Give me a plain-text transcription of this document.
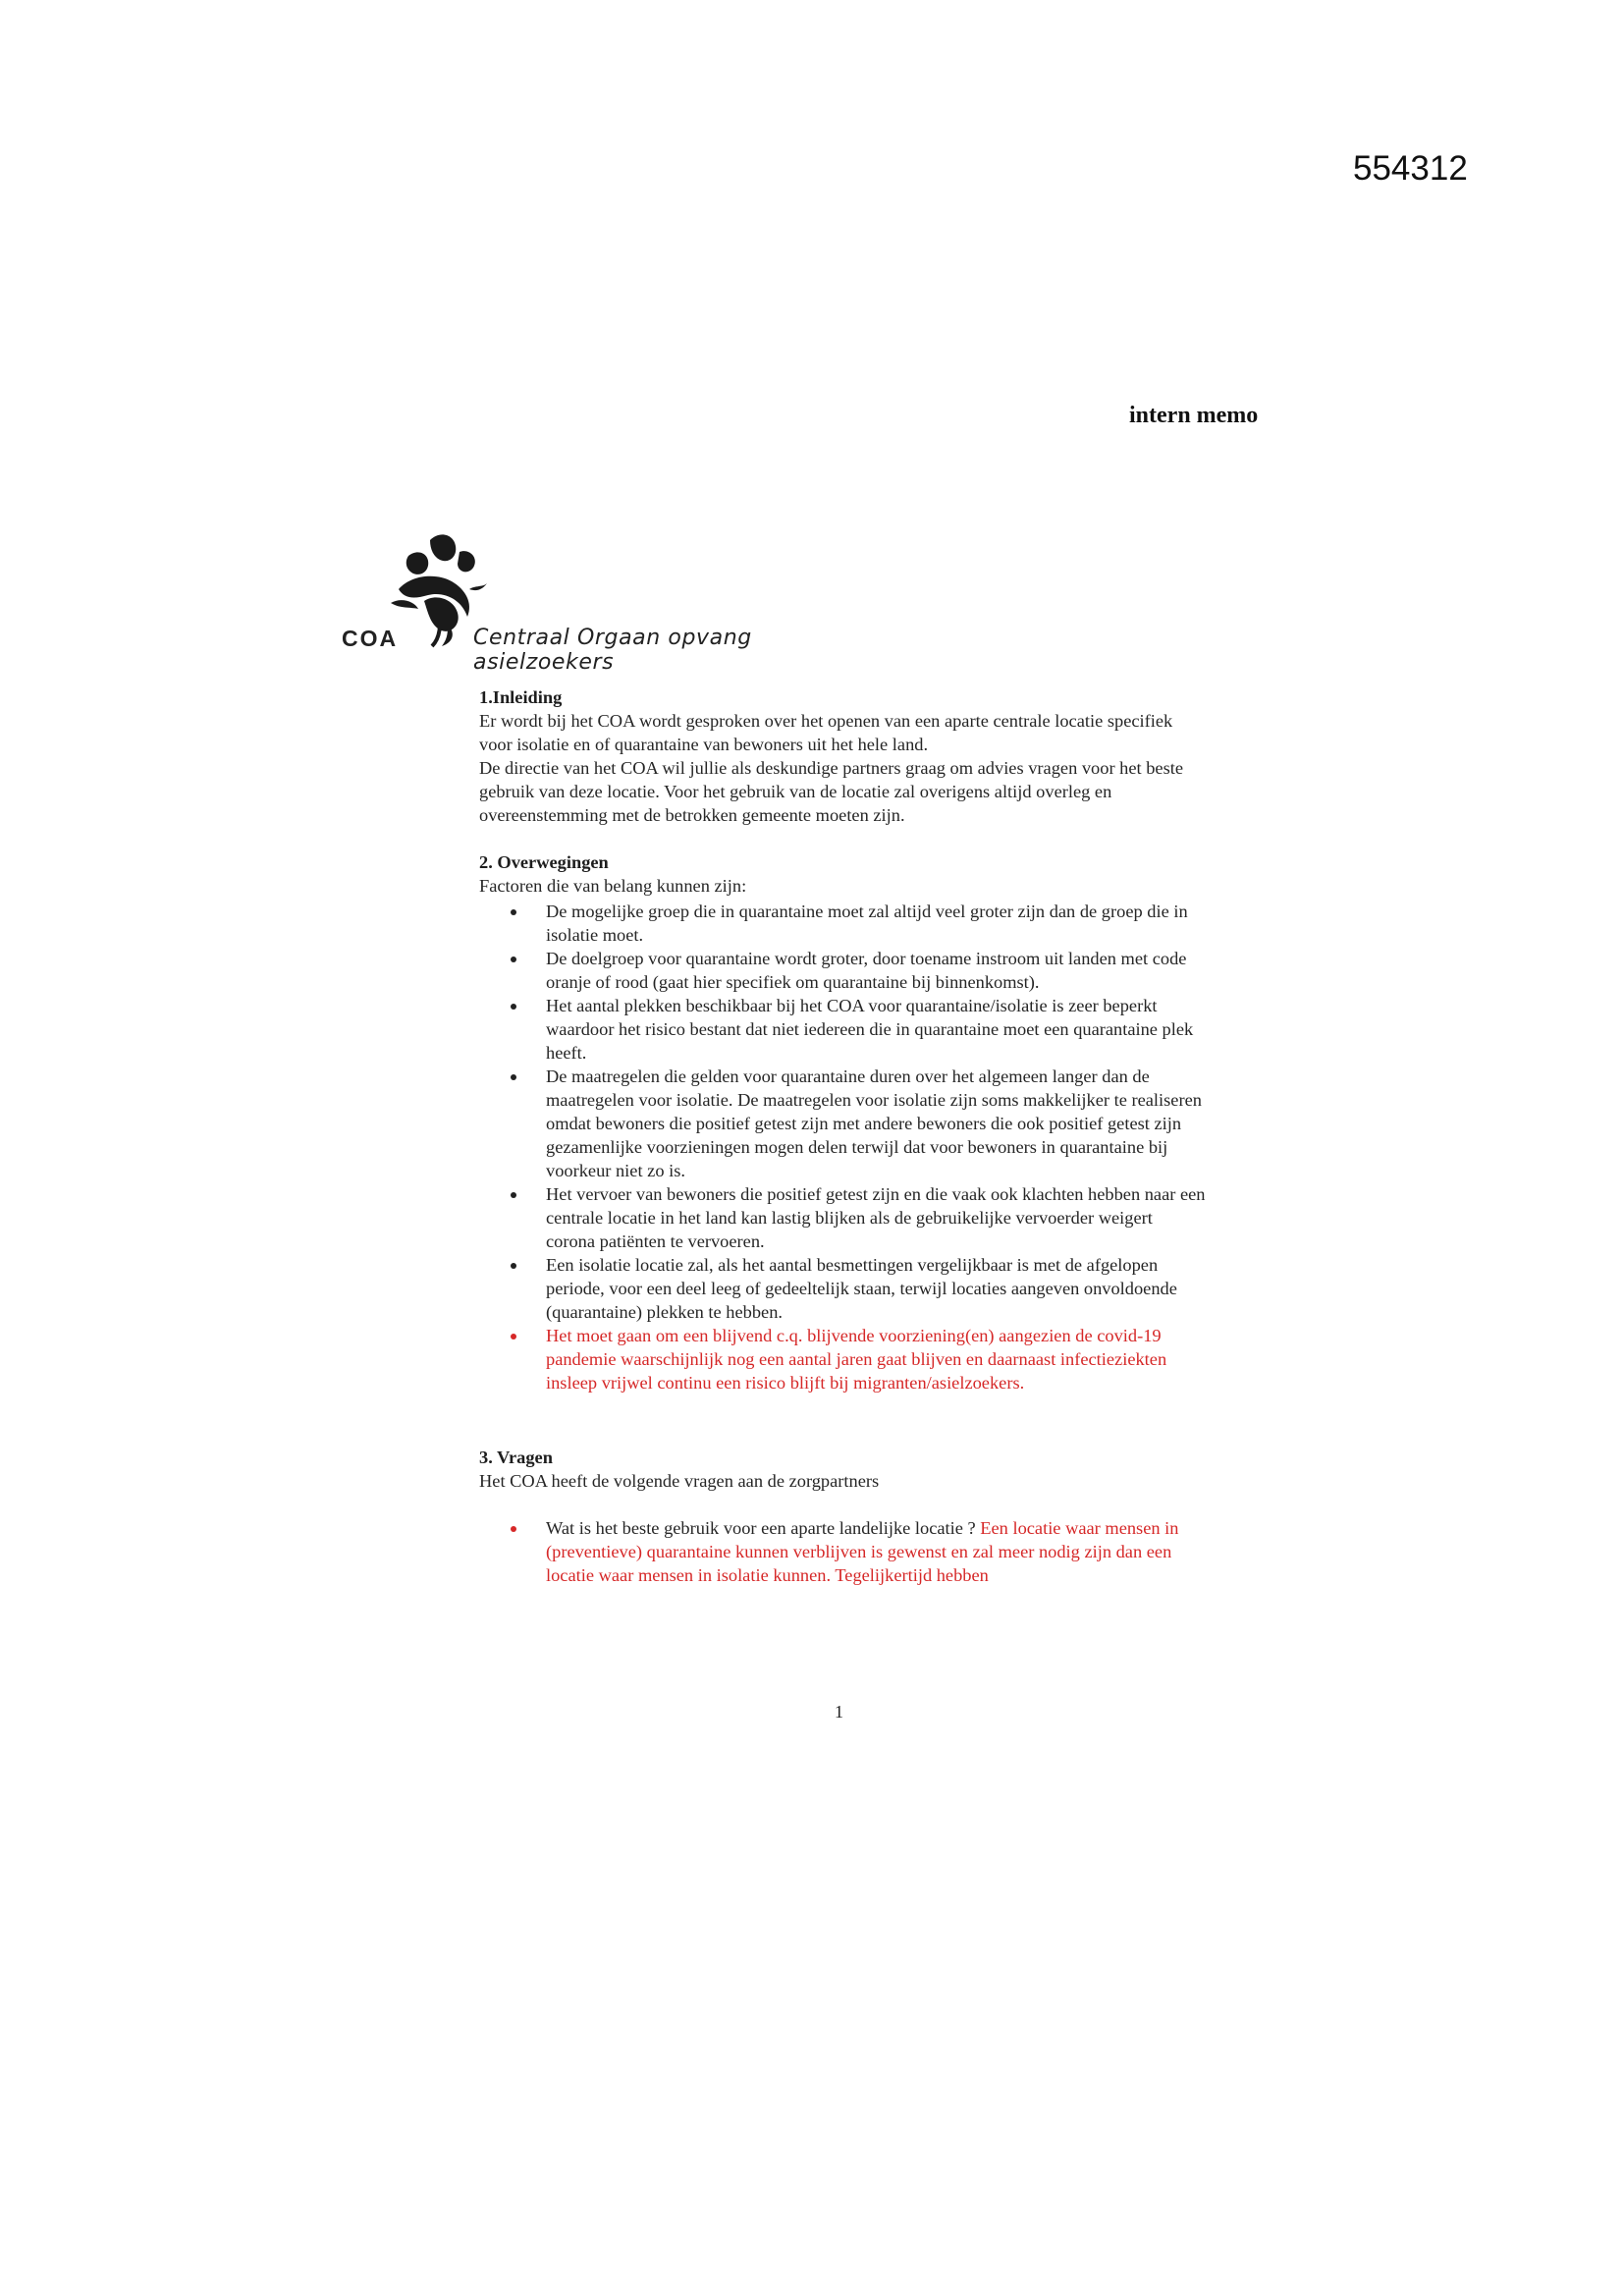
554312
intern memo
COA	Centraal Orgaan opvang asielzoekers
1.Inleiding

Er wordt bij het COA wordt gesproken over het openen van een aparte centrale locatie specifiek voor isolatie en of quarantaine van bewoners uit het hele land.

De directie van het COA wil jullie als deskundige partners graag om advies vragen voor het beste gebruik van deze locatie. Voor het gebruik van de locatie zal overigens altijd overleg en overeenstemming met de betrokken gemeente moeten zijn.

2. Overwegingen

Factoren die van belang kunnen zijn:

De mogelijke groep die in quarantaine moet zal altijd veel groter zijn dan de groep die in isolatie moet.
De doelgroep voor quarantaine wordt groter, door toename instroom uit landen met code oranje of rood (gaat hier specifiek om quarantaine bij binnenkomst).
Het aantal plekken beschikbaar bij het COA voor quarantaine/isolatie is zeer beperkt waardoor het risico bestant dat niet iedereen die in quarantaine moet een quarantaine plek heeft.
De maatregelen die gelden voor quarantaine duren over het algemeen langer dan de maatregelen voor isolatie. De maatregelen voor isolatie zijn soms makkelijker te realiseren omdat bewoners die positief getest zijn met andere bewoners die ook positief getest zijn gezamenlijke voorzieningen mogen delen terwijl dat voor bewoners in quarantaine bij voorkeur niet zo is.
Het vervoer van bewoners die positief getest zijn en die vaak ook klachten hebben naar een centrale locatie in het land kan lastig blijken als de gebruikelijke vervoerder weigert corona patiënten te vervoeren.
Een isolatie locatie zal, als het aantal besmettingen vergelijkbaar is met de afgelopen periode, voor een deel leeg of gedeeltelijk staan, terwijl locaties aangeven onvoldoende (quarantaine) plekken te hebben.
Het moet gaan om een blijvend c.q. blijvende voorziening(en) aangezien de covid-19 pandemie waarschijnlijk nog een aantal jaren gaat blijven en daarnaast infectieziekten insleep vrijwel continu een risico blijft bij migranten/asielzoekers.
3. Vragen

Het COA heeft de volgende vragen aan de zorgpartners

Wat is het beste gebruik voor een aparte landelijke locatie ? Een locatie waar mensen in (preventieve) quarantaine kunnen verblijven is gewenst en zal meer nodig zijn dan een locatie waar mensen in isolatie kunnen. Tegelijkertijd hebben
1
